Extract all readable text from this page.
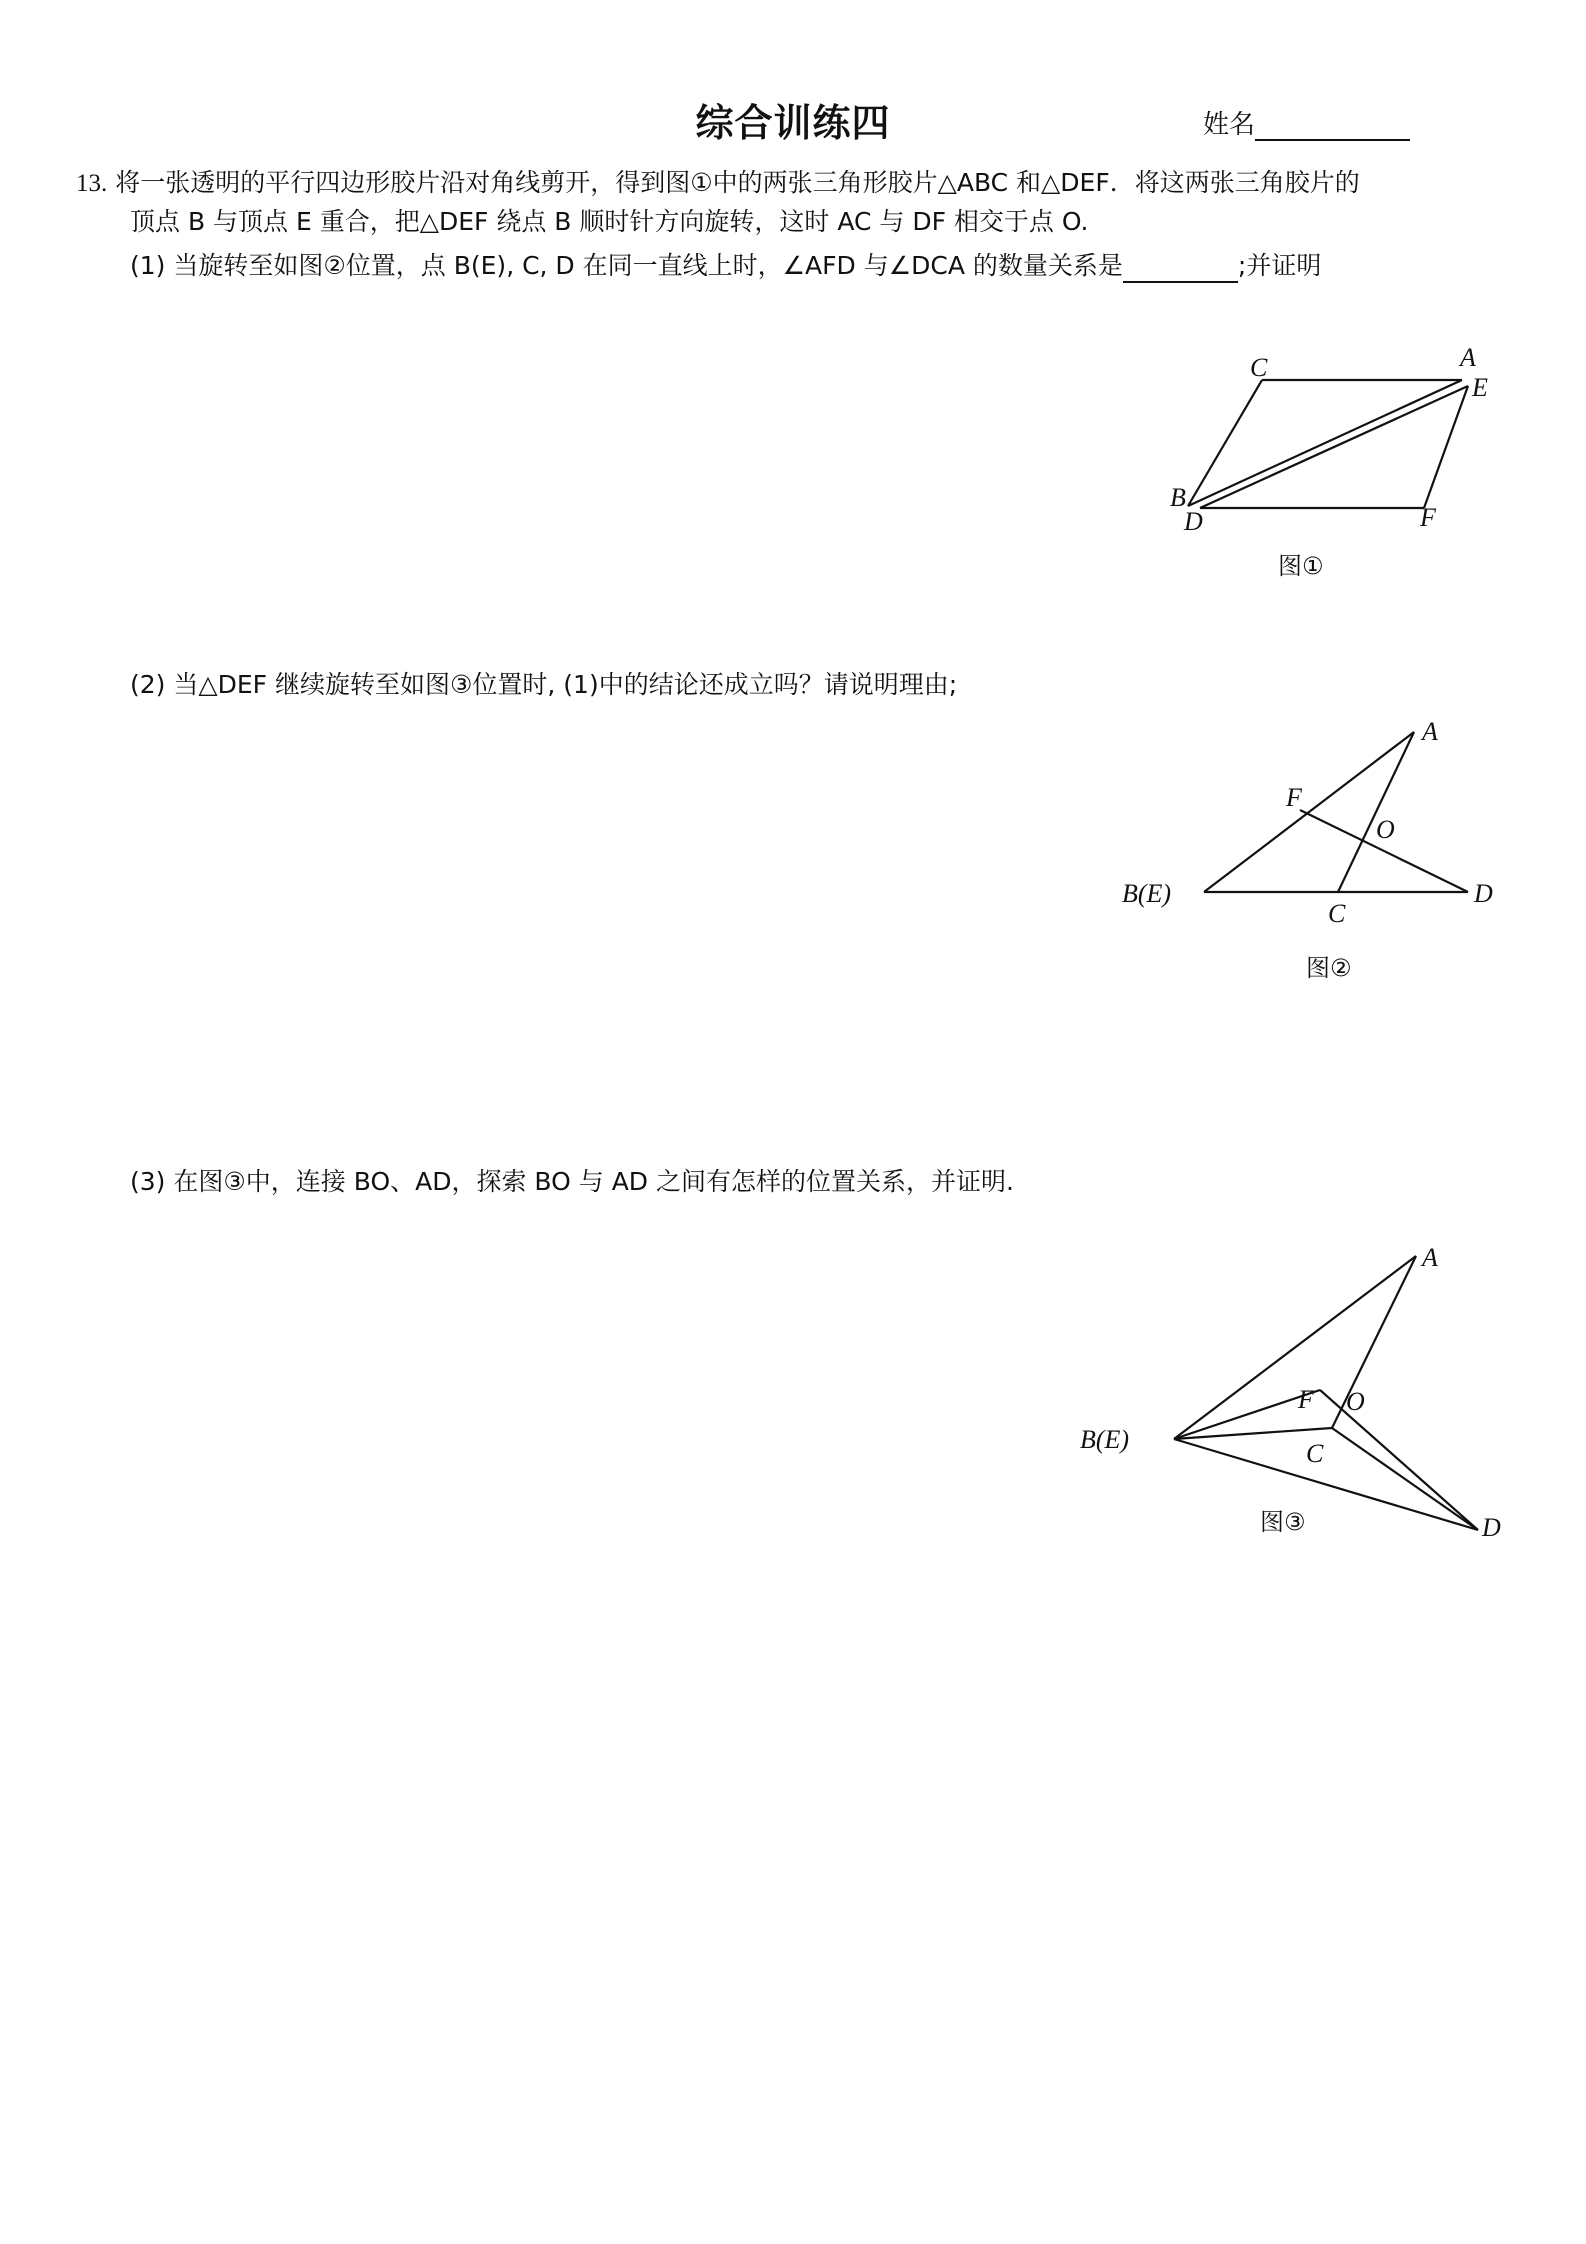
综合训练四	姓名
13. 将一张透明的平行四边形胶片沿对角线剪开，得到图①中的两张三角形胶片△ABC 和△DEF．将这两张三角胶片的
顶点 B 与顶点 E 重合，把△DEF 绕点 B 顺时针方向旋转，这时 AC 与 DF 相交于点 O.
(1) 当旋转至如图②位置，点 B(E), C, D 在同一直线上时，∠AFD 与∠DCA 的数量关系是	;并证明
C	A
E
B
D	F
图①
(2) 当△DEF 继续旋转至如图③位置时, (1)中的结论还成立吗？请说明理由;
A
F
O
B(E)
C
D
图②
(3) 在图③中，连接 BO、AD，探索 BO 与 AD 之间有怎样的位置关系，并证明.
A
F O
B(E)	C
D
图③
